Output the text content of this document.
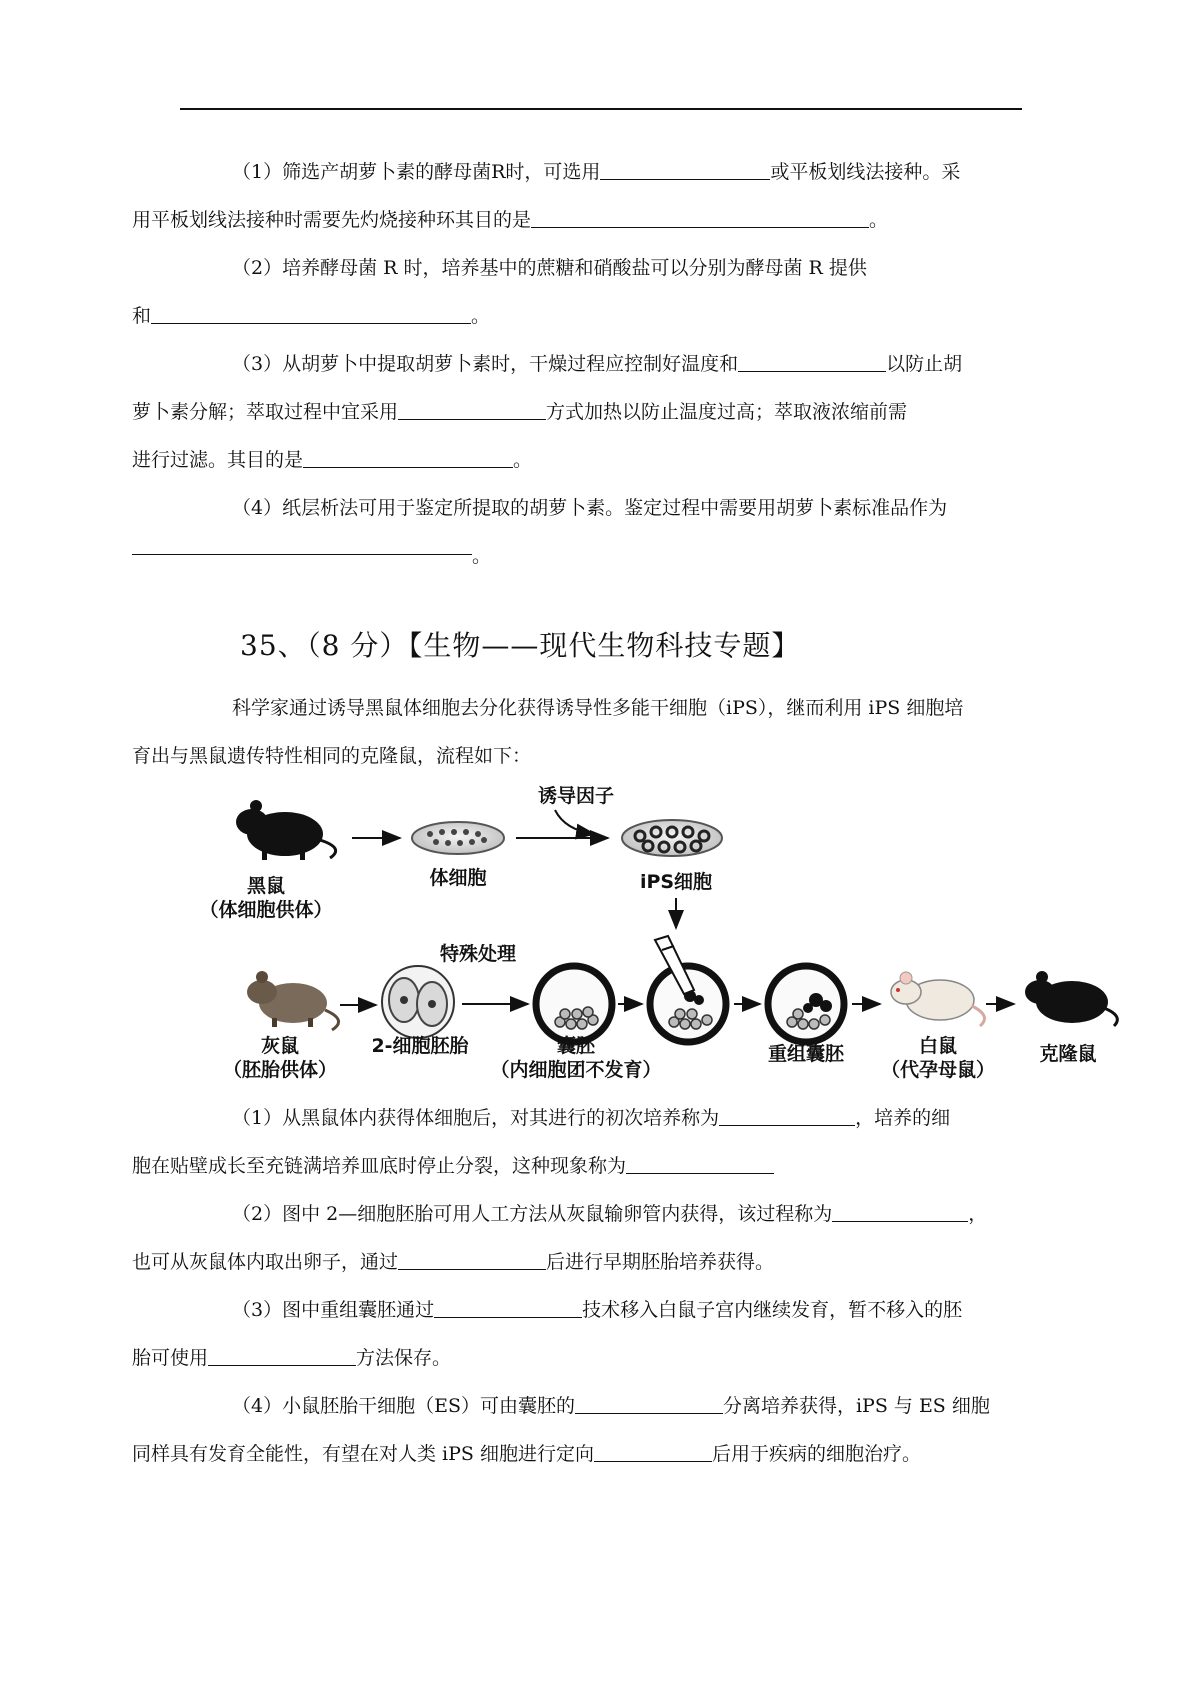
（1）筛选产胡萝卜素的酵母菌R时，可选用	或平板划线法接种。采
用平板划线法接种时需要先灼烧接种环其目的是	。
（2）培养酵母菌 R 时，培养基中的蔗糖和硝酸盐可以分别为酵母菌 R 提供
和	。
（3）从胡萝卜中提取胡萝卜素时，干燥过程应控制好温度和	以防止胡
萝卜素分解；萃取过程中宜采用	方式加热以防止温度过高；萃取液浓缩前需
进行过滤。其目的是	。
（4）纸层析法可用于鉴定所提取的胡萝卜素。鉴定过程中需要用胡萝卜素标准品作为
。
35、（8 分）【生物——现代生物科技专题】
科学家通过诱导黑鼠体细胞去分化获得诱导性多能干细胞（iPS），继而利用 iPS 细胞培
育出与黑鼠遗传特性相同的克隆鼠，流程如下：
黑鼠
（体细胞供体）
体细胞
诱导因子
iPS细胞
灰鼠
（胚胎供体）
2-细胞胚胎
特殊处理
囊胚
（内细胞团不发育）
重组囊胚	白鼠
（代孕母鼠）
克隆鼠
（1）从黑鼠体内获得体细胞后，对其进行的初次培养称为	，培养的细
胞在贴壁成长至充链满培养皿底时停止分裂，这种现象称为
（2）图中 2—细胞胚胎可用人工方法从灰鼠输卵管内获得，该过程称为	，
也可从灰鼠体内取出卵子，通过	后进行早期胚胎培养获得。
（3）图中重组囊胚通过	技术移入白鼠子宫内继续发育，暂不移入的胚
胎可使用	方法保存。
（4）小鼠胚胎干细胞（ES）可由囊胚的	分离培养获得，iPS 与 ES 细胞
同样具有发育全能性，有望在对人类 iPS 细胞进行定向	后用于疾病的细胞治疗。
